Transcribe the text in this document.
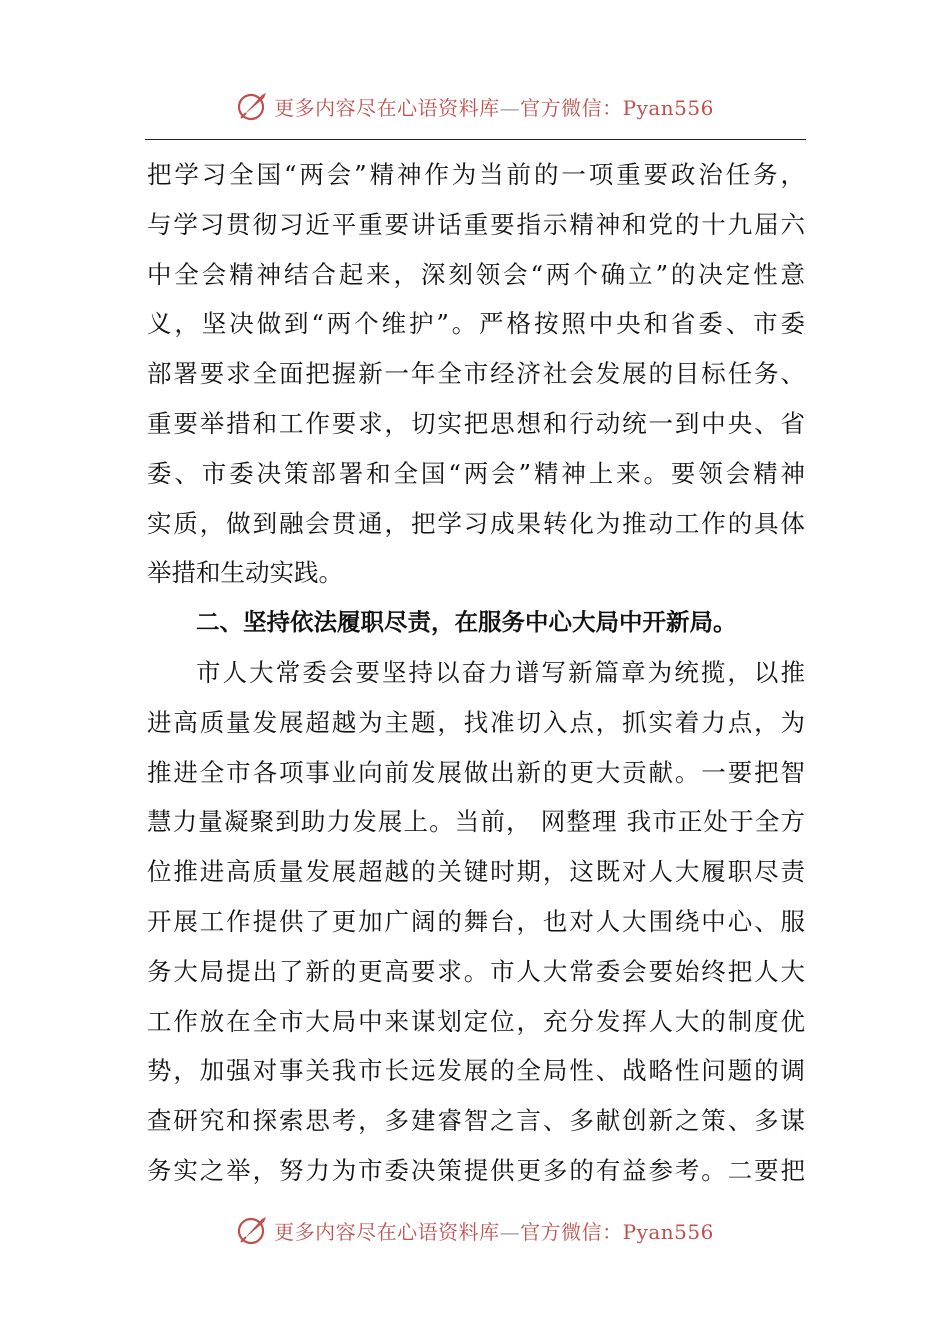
更多内容尽在心语资料库—官方微信：Pyan556
把学习全国“两会”精神作为当前的一项重要政治任务，
与学习贯彻习近平重要讲话重要指示精神和党的十九届六
中全会精神结合起来，深刻领会“两个确立”的决定性意
义，坚决做到“两个维护”。严格按照中央和省委、市委
部署要求全面把握新一年全市经济社会发展的目标任务、
重要举措和工作要求，切实把思想和行动统一到中央、省
委、市委决策部署和全国“两会”精神上来。要领会精神
实质，做到融会贯通，把学习成果转化为推动工作的具体
举措和生动实践。
二、坚持依法履职尽责，在服务中心大局中开新局。
市人大常委会要坚持以奋力谱写新篇章为统揽，以推
进高质量发展超越为主题，找准切入点，抓实着力点，为
推进全市各项事业向前发展做出新的更大贡献。一要把智
慧力量凝聚到助力发展上。当前， 网整理 我市正处于全方
位推进高质量发展超越的关键时期，这既对人大履职尽责
开展工作提供了更加广阔的舞台，也对人大围绕中心、服
务大局提出了新的更高要求。市人大常委会要始终把人大
工作放在全市大局中来谋划定位，充分发挥人大的制度优
势，加强对事关我市长远发展的全局性、战略性问题的调
查研究和探索思考，多建睿智之言、多献创新之策、多谋
务实之举，努力为市委决策提供更多的有益参考。二要把
更多内容尽在心语资料库—官方微信：Pyan556
